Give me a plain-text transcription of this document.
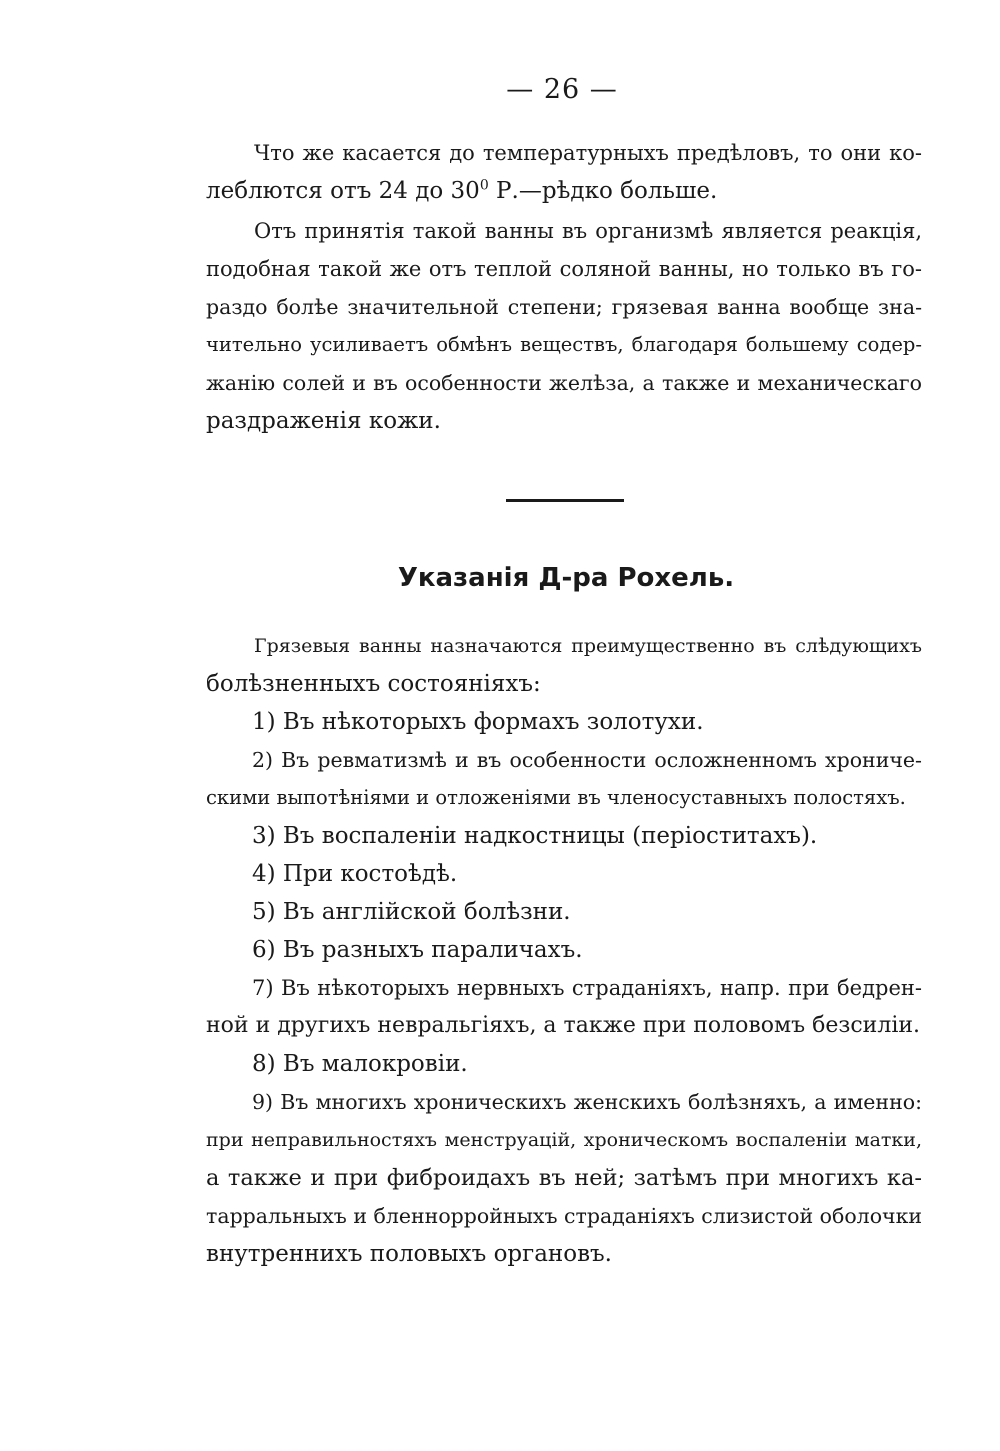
— 26 —

Что же касается до температурныхъ предѣловъ, то они ко-
леблются отъ 24 до $30^0$ Р.—рѣдко больше.
Отъ принятія такой ванны въ организмѣ является реакція,
подобная такой же отъ теплой соляной ванны, но только въ го-
раздо болѣе значительной степени; грязевая ванна вообще зна-
чительно усиливаетъ обмѣнъ веществъ, благодаря большему содер-
жанію солей и въ особенности желѣза, а также и механическаго
раздраженія кожи.
Указанія Д-ра Рохель.
Грязевыя ванны назначаются преимущественно въ слѣдующихъ
болѣзненныхъ состояніяхъ:
1) Въ нѣкоторыхъ формахъ золотухи.
2) Въ ревматизмѣ и въ особенности осложненномъ хрониче-
скими выпотѣніями и отложеніями въ членосуставныхъ полостяхъ.
3) Въ воспаленіи надкостницы (періоститахъ).
4) При костоѣдѣ.
5) Въ англійской болѣзни.
6) Въ разныхъ параличахъ.
7) Въ нѣкоторыхъ нервныхъ страданіяхъ, напр. при бедрен-
ной и другихъ невральгіяхъ, а также при половомъ безсиліи.
8) Въ малокровіи.
9) Въ многихъ хроническихъ женскихъ болѣзняхъ, а именно:
при неправильностяхъ менструацій, хроническомъ воспаленіи матки,
а также и при фиброидахъ въ ней; затѣмъ при многихъ ка-
тарральныхъ и бленнорройныхъ страданіяхъ слизистой оболочки
внутреннихъ половыхъ органовъ.
